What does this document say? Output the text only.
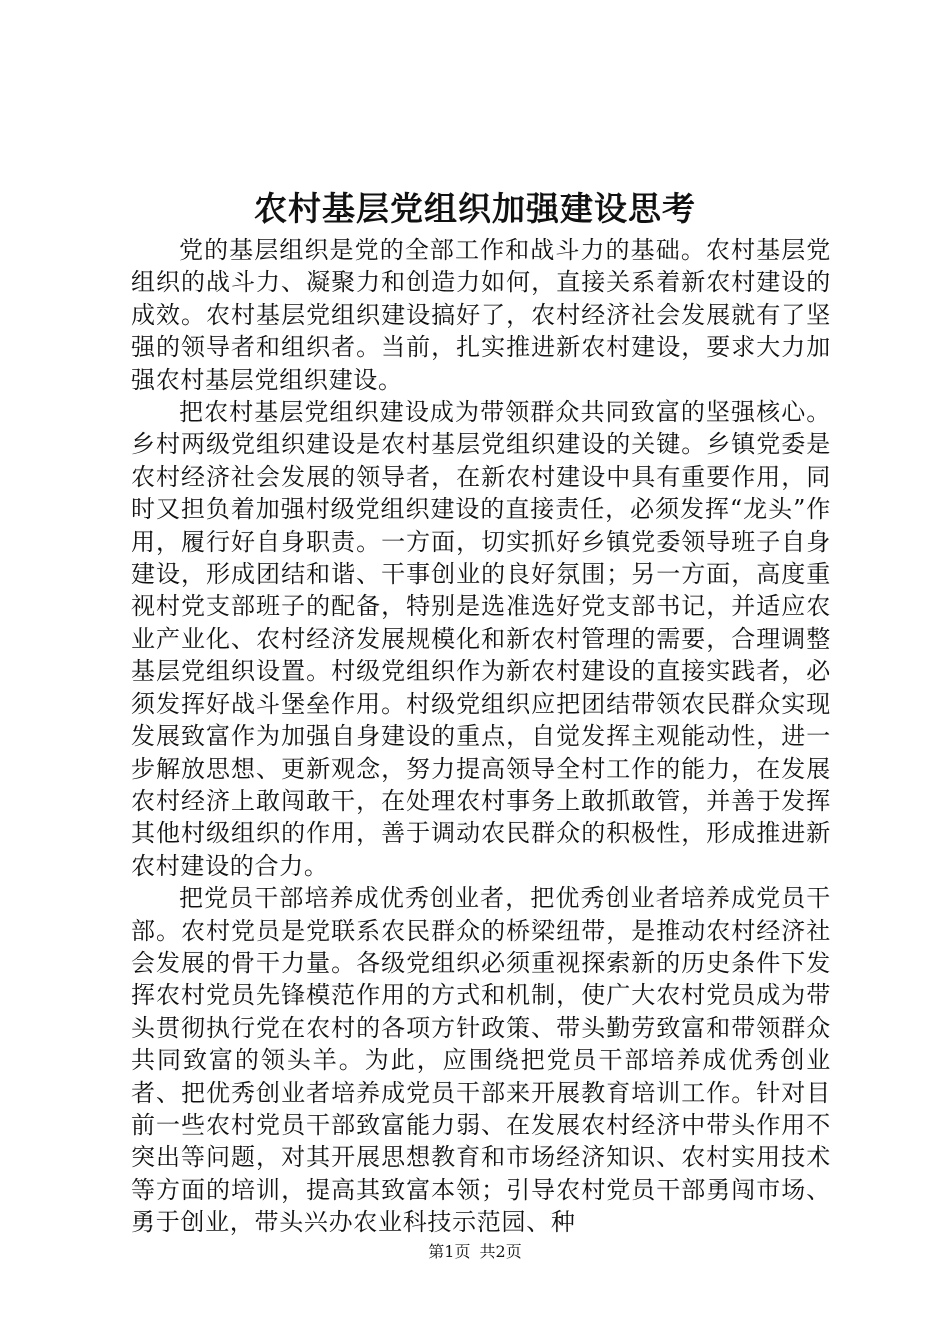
农村基层党组织加强建设思考

党的基层组织是党的全部工作和战斗力的基础。农村基层党组织的战斗力、凝聚力和创造力如何，直接关系着新农村建设的成效。农村基层党组织建设搞好了，农村经济社会发展就有了坚强的领导者和组织者。当前，扎实推进新农村建设，要求大力加强农村基层党组织建设。

把农村基层党组织建设成为带领群众共同致富的坚强核心。乡村两级党组织建设是农村基层党组织建设的关键。乡镇党委是农村经济社会发展的领导者，在新农村建设中具有重要作用，同时又担负着加强村级党组织建设的直接责任，必须发挥“龙头”作用，履行好自身职责。一方面，切实抓好乡镇党委领导班子自身建设，形成团结和谐、干事创业的良好氛围；另一方面，高度重视村党支部班子的配备，特别是选准选好党支部书记，并适应农业产业化、农村经济发展规模化和新农村管理的需要，合理调整基层党组织设置。村级党组织作为新农村建设的直接实践者，必须发挥好战斗堡垒作用。村级党组织应把团结带领农民群众实现发展致富作为加强自身建设的重点，自觉发挥主观能动性，进一步解放思想、更新观念，努力提高领导全村工作的能力，在发展农村经济上敢闯敢干，在处理农村事务上敢抓敢管，并善于发挥其他村级组织的作用，善于调动农民群众的积极性，形成推进新农村建设的合力。

把党员干部培养成优秀创业者，把优秀创业者培养成党员干部。农村党员是党联系农民群众的桥梁纽带，是推动农村经济社会发展的骨干力量。各级党组织必须重视探索新的历史条件下发挥农村党员先锋模范作用的方式和机制，使广大农村党员成为带头贯彻执行党在农村的各项方针政策、带头勤劳致富和带领群众共同致富的领头羊。为此，应围绕把党员干部培养成优秀创业者、把优秀创业者培养成党员干部来开展教育培训工作。针对目前一些农村党员干部致富能力弱、在发展农村经济中带头作用不突出等问题，对其开展思想教育和市场经济知识、农村实用技术等方面的培训，提高其致富本领；引导农村党员干部勇闯市场、勇于创业，带头兴办农业科技示范园、种

第1页 共2页
